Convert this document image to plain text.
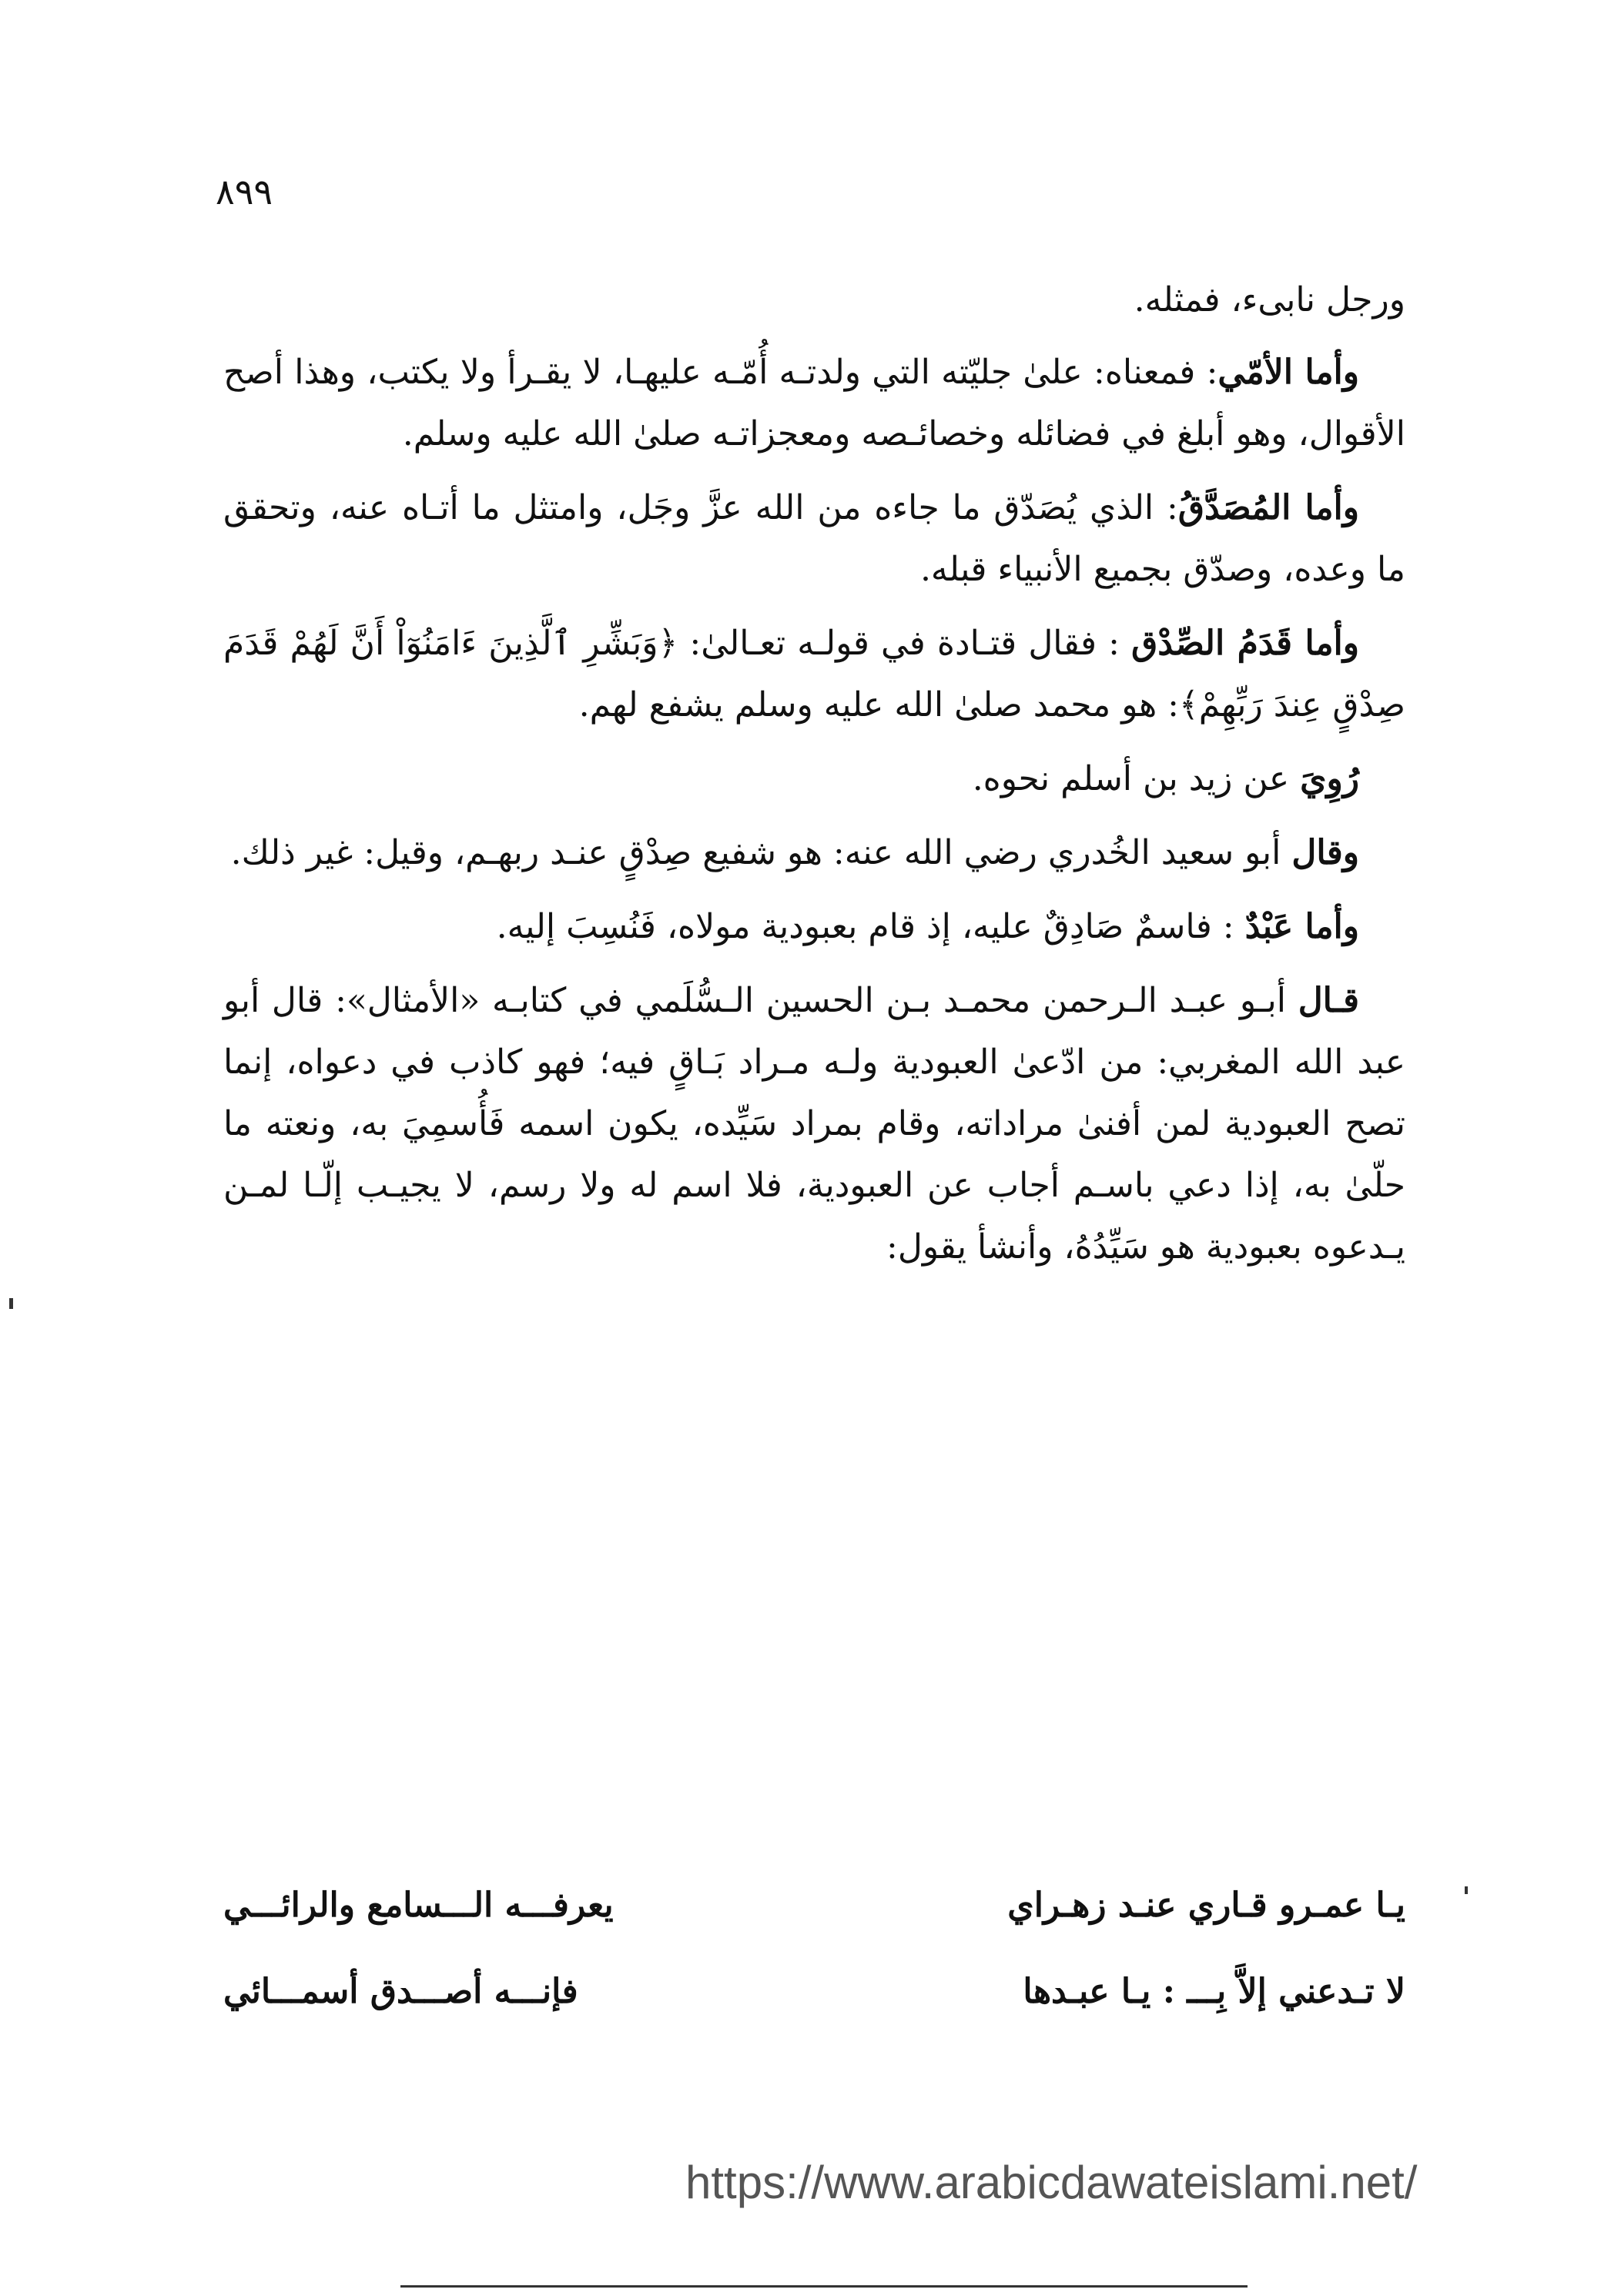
٨٩٩

ورجل نابىء، فمثله.

وأما الأمّي: فمعناه: علىٰ جليّته التي ولدتـه أُمّـه عليهـا، لا يقـرأ ولا يكتب، وهذا أصح الأقوال، وهو أبلغ في فضائله وخصائـصه ومعجزاتـه صلىٰ الله عليه وسلم.

وأما المُصَدَّقُ: الذي يُصَدّق ما جاءه من الله عزَّ وجَل، وامتثل ما أتـاه عنه، وتحقق ما وعده، وصدّق بجميع الأنبياء قبله.

وأما قَدَمُ الصِّدْق : فقال قتـادة في قولـه تعـالىٰ: ﴿وَبَشِّرِ ٱلَّذِينَ ءَامَنُوٓاْ أَنَّ لَهُمْ قَدَمَ صِدْقٍ عِندَ رَبِّهِمْ﴾: هو محمد صلىٰ الله عليه وسلم يشفع لهم.

رُوِيَ عن زيد بن أسلم نحوه.

وقال أبو سعيد الخُدري رضي الله عنه: هو شفيع صِدْقٍ عنـد ربهـم، وقيل: غير ذلك.

وأما عَبْدٌ : فاسمٌ صَادِقٌ عليه، إذ قام بعبودية مولاه، فَنُسِبَ إليه.

قـال أبـو عبـد الـرحمن محمـد بـن الحسين الـسُّلَمي في كتابـه «الأمثال»: قال أبو عبد الله المغربي: من ادّعىٰ العبودية ولـه مـراد بَـاقٍ فيه؛ فهو كاذب في دعواه، إنما تصح العبودية لمن أفنىٰ مراداته، وقام بمراد سَيِّده، يكون اسمه فَأُسمِيَ به، ونعته ما حلّىٰ به، إذا دعي باسـم أجاب عن العبودية، فلا اسم له ولا رسم، لا يجيـب إلّـا لمـن يـدعوه بعبودية هو سَيِّدُهُ، وأنشأ يقول:

يـا عمـرو قـاري عنـد زهـراي
يعرفـــه الـــسامع والرائـــي
لا تـدعني إلاَّ بِـــ : يـا عبـدها
فإنـــه أصـــدق أسمـــائي
https://www.arabicdawateislami.net/
